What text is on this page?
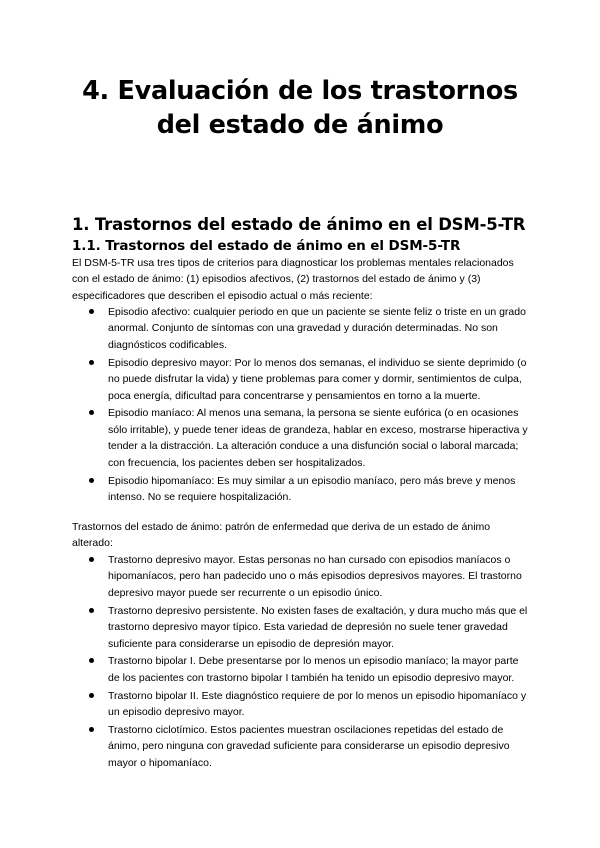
4. Evaluación de los trastornos
del estado de ánimo
1. Trastornos del estado de ánimo en el DSM-5-TR
1.1. Trastornos del estado de ánimo en el DSM-5-TR

El DSM-5-TR usa tres tipos de criterios para diagnosticar los problemas mentales relacionados con el estado de ánimo: (1) episodios afectivos, (2) trastornos del estado de ánimo y (3) especificadores que describen el episodio actual o más reciente:

Episodio afectivo: cualquier periodo en que un paciente se siente feliz o triste en un grado anormal. Conjunto de síntomas con una gravedad y duración determinadas. No son diagnósticos codificables.
Episodio depresivo mayor: Por lo menos dos semanas, el individuo se siente deprimido (o no puede disfrutar la vida) y tiene problemas para comer y dormir, sentimientos de culpa, poca energía, dificultad para concentrarse y pensamientos en torno a la muerte.
Episodio maníaco: Al menos una semana, la persona se siente eufórica (o en ocasiones sólo irritable), y puede tener ideas de grandeza, hablar en exceso, mostrarse hiperactiva y tender a la distracción. La alteración conduce a una disfunción social o laboral marcada; con frecuencia, los pacientes deben ser hospitalizados.
Episodio hipomaníaco: Es muy similar a un episodio maníaco, pero más breve y menos intenso. No se requiere hospitalización.

Trastornos del estado de ánimo: patrón de enfermedad que deriva de un estado de ánimo alterado:

Trastorno depresivo mayor. Estas personas no han cursado con episodios maníacos o hipomaníacos, pero han padecido uno o más episodios depresivos mayores. El trastorno depresivo mayor puede ser recurrente o un episodio único.
Trastorno depresivo persistente. No existen fases de exaltación, y dura mucho más que el trastorno depresivo mayor típico. Esta variedad de depresión no suele tener gravedad suficiente para considerarse un episodio de depresión mayor.
Trastorno bipolar I. Debe presentarse por lo menos un episodio maníaco; la mayor parte de los pacientes con trastorno bipolar I también ha tenido un episodio depresivo mayor.
Trastorno bipolar II. Este diagnóstico requiere de por lo menos un episodio hipomaníaco y un episodio depresivo mayor.
Trastorno ciclotímico. Estos pacientes muestran oscilaciones repetidas del estado de ánimo, pero ninguna con gravedad suficiente para considerarse un episodio depresivo mayor o hipomaníaco.
